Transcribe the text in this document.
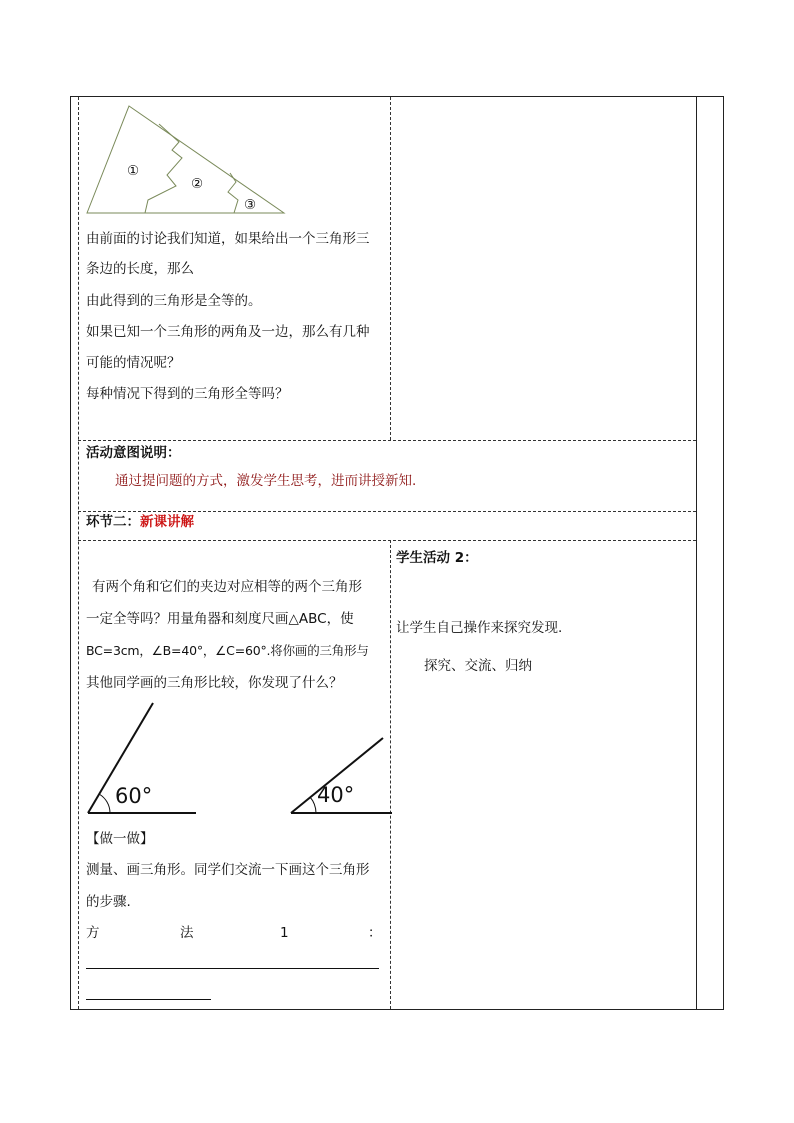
①
②
③
由前面的讨论我们知道，如果给出一个三角形三
条边的长度，那么
由此得到的三角形是全等的。
如果已知一个三角形的两角及一边，那么有几种
可能的情况呢？
每种情况下得到的三角形全等吗？
活动意图说明：
通过提问题的方式，激发学生思考，进而讲授新知.
环节二：新课讲解
有两个角和它们的夹边对应相等的两个三角形
一定全等吗？用量角器和刻度尺画△ABC，使
BC=3cm，∠B=40°，∠C=60°.将你画的三角形与
其他同学画的三角形比较，你发现了什么？
60°	40°
【做一做】
测量、画三角形。同学们交流一下画这个三角形
的步骤.
方	法	1	：
学生活动 2：
让学生自己操作来探究发现.
探究、交流、归纳
